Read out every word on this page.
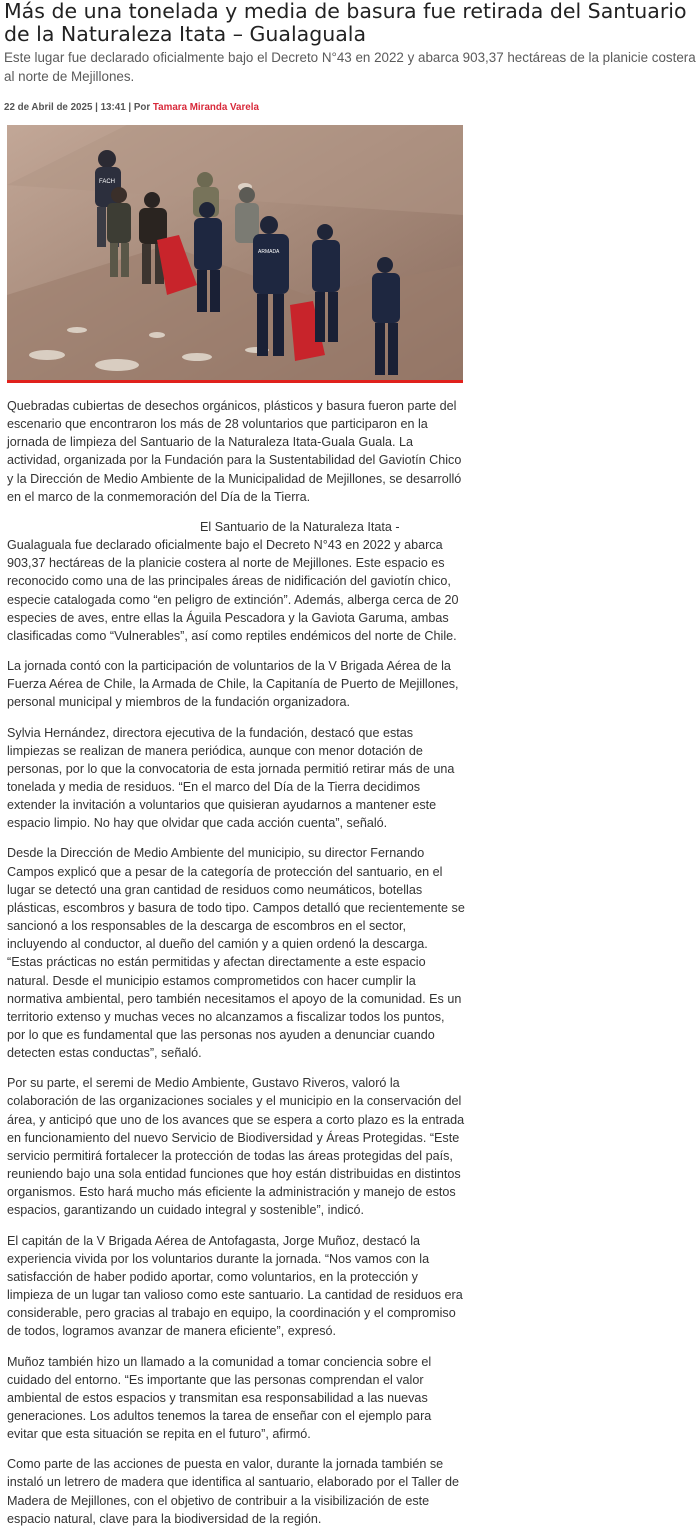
Más de una tonelada y media de basura fue retirada del Santuario de la Naturaleza Itata – Gualaguala

Este lugar fue declarado oficialmente bajo el Decreto N°43 en 2022 y abarca 903,37 hectáreas de la planicie costera al norte de Mejillones.

22 de Abril de 2025 | 13:41 | Por Tamara Miranda Varela
FACH
ARMADA

Quebradas cubiertas de desechos orgánicos, plásticos y basura fueron parte del escenario que encontraron los más de 28 voluntarios que participaron en la jornada de limpieza del Santuario de la Naturaleza Itata-Guala Guala. La actividad, organizada por la Fundación para la Sustentabilidad del Gaviotín Chico y la Dirección de Medio Ambiente de la Municipalidad de Mejillones, se desarrolló en el marco de la conmemoración del Día de la Tierra.

El Santuario de la Naturaleza Itata - Gualaguala fue declarado oficialmente bajo el Decreto N°43 en 2022 y abarca 903,37 hectáreas de la planicie costera al norte de Mejillones. Este espacio es reconocido como una de las principales áreas de nidificación del gaviotín chico, especie catalogada como “en peligro de extinción”. Además, alberga cerca de 20 especies de aves, entre ellas la Águila Pescadora y la Gaviota Garuma, ambas clasificadas como “Vulnerables”, así como reptiles endémicos del norte de Chile.

La jornada contó con la participación de voluntarios de la V Brigada Aérea de la Fuerza Aérea de Chile, la Armada de Chile, la Capitanía de Puerto de Mejillones, personal municipal y miembros de la fundación organizadora.

Sylvia Hernández, directora ejecutiva de la fundación, destacó que estas limpiezas se realizan de manera periódica, aunque con menor dotación de personas, por lo que la convocatoria de esta jornada permitió retirar más de una tonelada y media de residuos. “En el marco del Día de la Tierra decidimos extender la invitación a voluntarios que quisieran ayudarnos a mantener este espacio limpio. No hay que olvidar que cada acción cuenta”, señaló.

Desde la Dirección de Medio Ambiente del municipio, su director Fernando Campos explicó que a pesar de la categoría de protección del santuario, en el lugar se detectó una gran cantidad de residuos como neumáticos, botellas plásticas, escombros y basura de todo tipo. Campos detalló que recientemente se sancionó a los responsables de la descarga de escombros en el sector, incluyendo al conductor, al dueño del camión y a quien ordenó la descarga. “Estas prácticas no están permitidas y afectan directamente a este espacio natural. Desde el municipio estamos comprometidos con hacer cumplir la normativa ambiental, pero también necesitamos el apoyo de la comunidad. Es un territorio extenso y muchas veces no alcanzamos a fiscalizar todos los puntos, por lo que es fundamental que las personas nos ayuden a denunciar cuando detecten estas conductas”, señaló.

Por su parte, el seremi de Medio Ambiente, Gustavo Riveros, valoró la colaboración de las organizaciones sociales y el municipio en la conservación del área, y anticipó que uno de los avances que se espera a corto plazo es la entrada en funcionamiento del nuevo Servicio de Biodiversidad y Áreas Protegidas. “Este servicio permitirá fortalecer la protección de todas las áreas protegidas del país, reuniendo bajo una sola entidad funciones que hoy están distribuidas en distintos organismos. Esto hará mucho más eficiente la administración y manejo de estos espacios, garantizando un cuidado integral y sostenible”, indicó.

El capitán de la V Brigada Aérea de Antofagasta, Jorge Muñoz, destacó la experiencia vivida por los voluntarios durante la jornada. “Nos vamos con la satisfacción de haber podido aportar, como voluntarios, en la protección y limpieza de un lugar tan valioso como este santuario. La cantidad de residuos era considerable, pero gracias al trabajo en equipo, la coordinación y el compromiso de todos, logramos avanzar de manera eficiente”, expresó.

Muñoz también hizo un llamado a la comunidad a tomar conciencia sobre el cuidado del entorno. “Es importante que las personas comprendan el valor ambiental de estos espacios y transmitan esa responsabilidad a las nuevas generaciones. Los adultos tenemos la tarea de enseñar con el ejemplo para evitar que esta situación se repita en el futuro”, afirmó.

Como parte de las acciones de puesta en valor, durante la jornada también se instaló un letrero de madera que identifica al santuario, elaborado por el Taller de Madera de Mejillones, con el objetivo de contribuir a la visibilización de este espacio natural, clave para la biodiversidad de la región.
